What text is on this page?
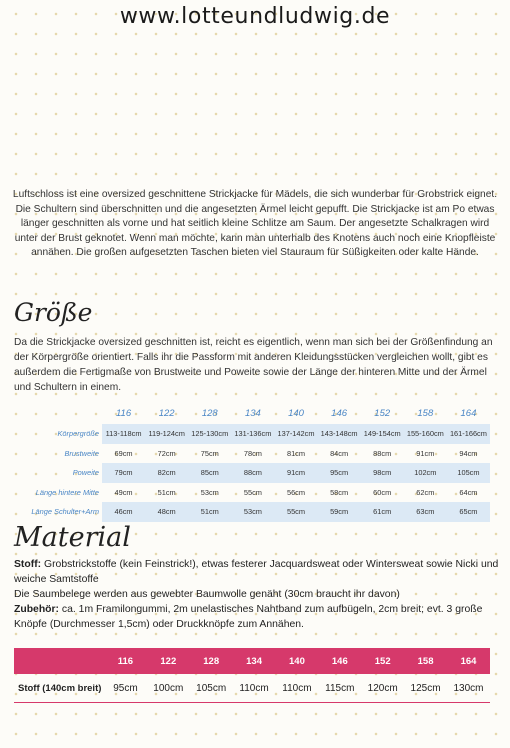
www.lotteundludwig.de

Luftschloss ist eine oversized geschnittene Strickjacke für Mädels, die sich wunderbar für Grobstrick eignet. Die Schultern sind überschnitten und die angesetzten Ärmel leicht gepufft. Die Strickjacke ist am Po etwas länger geschnitten als vorne und hat seitlich kleine Schlitze am Saum. Der angesetzte Schalkragen wird unter der Brust geknotet. Wenn man möchte, kann man unterhalb des Knotens auch noch eine Knopfleiste annähen. Die großen aufgesetzten Taschen bieten viel Stauraum für Süßigkeiten oder kalte Hände.

Größe

Da die Strickjacke oversized geschnitten ist, reicht es eigentlich, wenn man sich bei der Größenfindung an der Körpergröße orientiert. Falls ihr die Passform mit anderen Kleidungsstücken vergleichen wollt, gibt es außerdem die Fertigmaße von Brustweite und Poweite sowie der Länge der hinteren Mitte und der Ärmel und Schultern in einem.

	116	122	128	134	140	146	152	158	164
Körpergröße	113-118cm	119-124cm	125-130cm	131-136cm	137-142cm	143-148cm	149-154cm	155-160cm	161-166cm
Brustweite	69cm	72cm	75cm	78cm	81cm	84cm	88cm	91cm	94cm
Poweite	79cm	82cm	85cm	88cm	91cm	95cm	98cm	102cm	105cm
Länge hintere Mitte	49cm	51cm	53cm	55cm	56cm	58cm	60cm	62cm	64cm
Länge Schulter+Arm	46cm	48cm	51cm	53cm	55cm	59cm	61cm	63cm	65cm
Material
Stoff: Grobstrickstoffe (kein Feinstrick!), etwas festerer Jacquardsweat oder Wintersweat sowie Nicki und weiche Samtstoffe
Die Saumbelege werden aus gewebter Baumwolle genäht (30cm braucht ihr davon)
Zubehör: ca. 1m Framilongummi, 2m unelastisches Nahtband zum aufbügeln, 2cm breit; evt. 3 große Knöpfe (Durchmesser 1,5cm) oder Druckknöpfe zum Annähen.
	116	122	128	134	140	146	152	158	164
Stoff (140cm breit)	95cm	100cm	105cm	110cm	110cm	115cm	120cm	125cm	130cm
